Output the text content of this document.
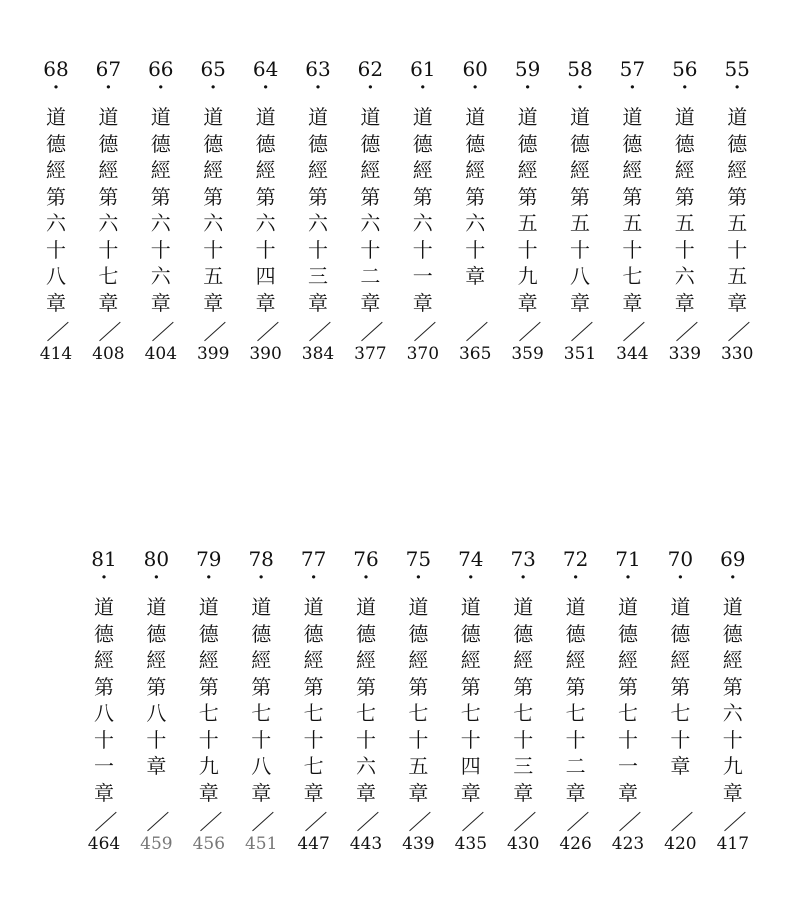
68
·
道德經第六十八章
414
67
·
道德經第六十七章
408
66
·
道德經第六十六章
404
65
·
道德經第六十五章
399
64
·
道德經第六十四章
390
63
·
道德經第六十三章
384
62
·
道德經第六十二章
377
61
·
道德經第六十一章
370
60
·
道德經第六十章
365
59
·
道德經第五十九章
359
58
·
道德經第五十八章
351
57
·
道德經第五十七章
344
56
·
道德經第五十六章
339
55
·
道德經第五十五章
330
81
·
道德經第八十一章
464
80
·
道德經第八十章
459
79
·
道德經第七十九章
456
78
·
道德經第七十八章
451
77
·
道德經第七十七章
447
76
·
道德經第七十六章
443
75
·
道德經第七十五章
439
74
·
道德經第七十四章
435
73
·
道德經第七十三章
430
72
·
道德經第七十二章
426
71
·
道德經第七十一章
423
70
·
道德經第七十章
420
69
·
道德經第六十九章
417
